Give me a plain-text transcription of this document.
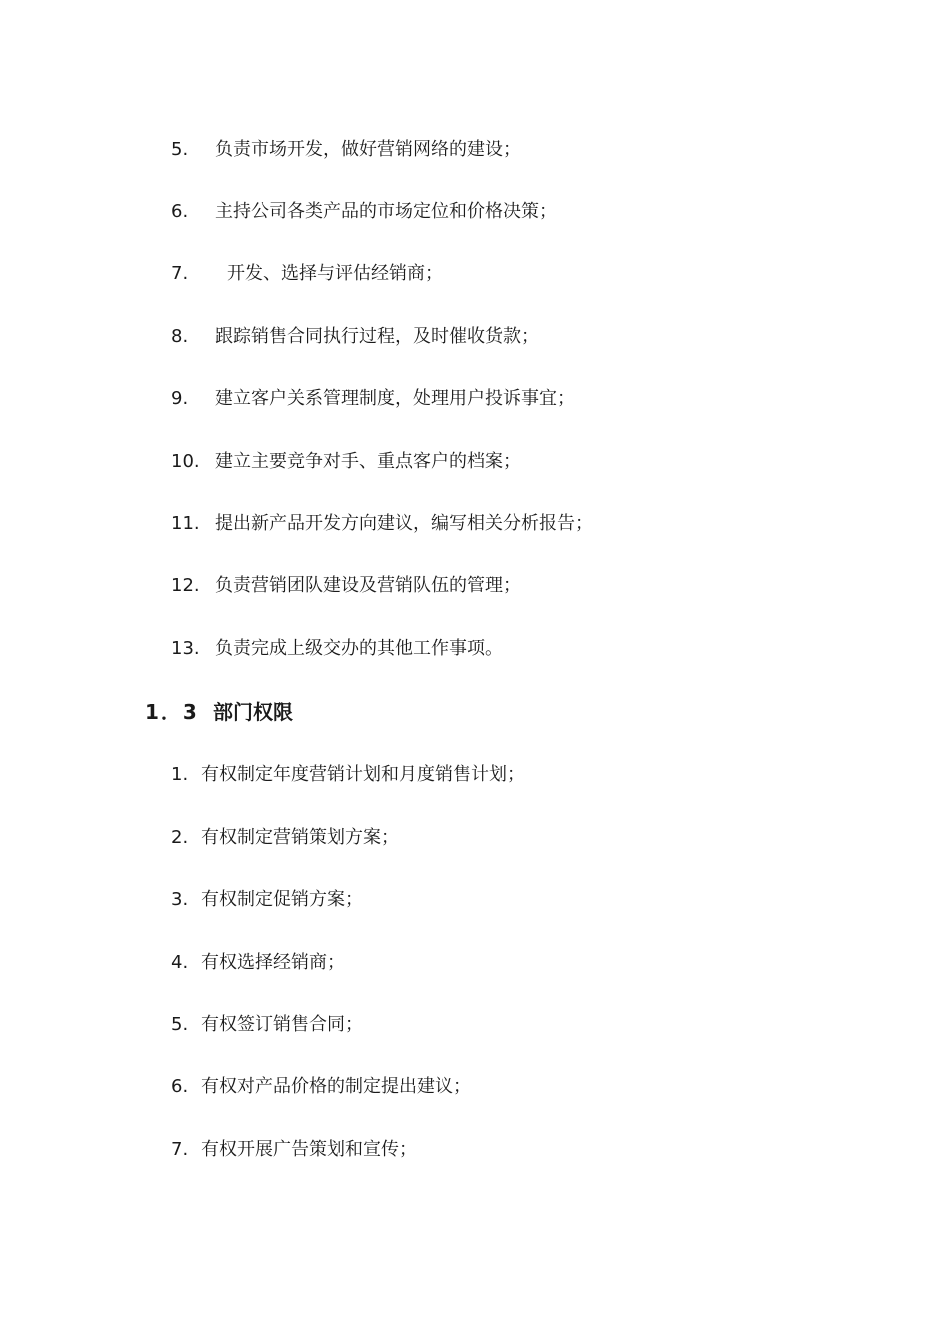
5. 负责市场开发，做好营销网络的建设；
6. 主持公司各类产品的市场定位和价格决策；
7. 开发、选择与评估经销商；
8. 跟踪销售合同执行过程，及时催收货款；
9. 建立客户关系管理制度，处理用户投诉事宜；
10. 建立主要竞争对手、重点客户的档案；
11. 提出新产品开发方向建议，编写相关分析报告；
12. 负责营销团队建设及营销队伍的管理；
13. 负责完成上级交办的其他工作事项。
1．3 部门权限
1. 有权制定年度营销计划和月度销售计划；
2. 有权制定营销策划方案；
3. 有权制定促销方案；
4. 有权选择经销商；
5. 有权签订销售合同；
6. 有权对产品价格的制定提出建议；
7. 有权开展广告策划和宣传；
